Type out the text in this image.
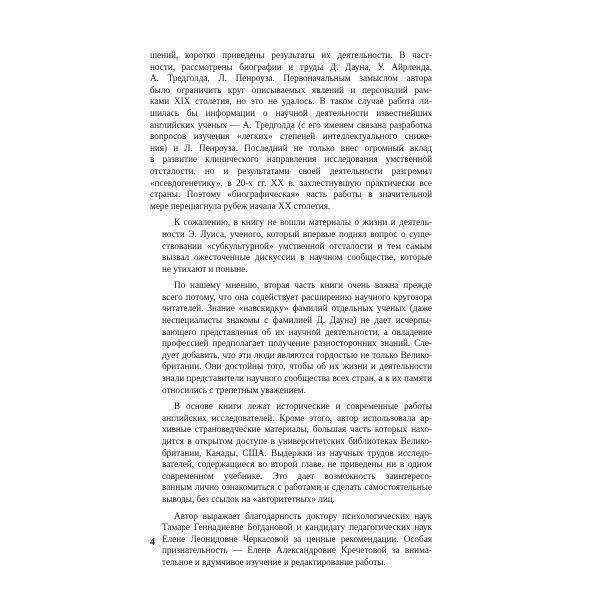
шений, коротко приведены результаты их деятельности. В част-
ности, рассмотрены биографии и труды Д. Дауна, У. Айрленда,
А. Тредголда, Л. Пенроуза. Первоначальным замыслом автора
было ограничить круг описываемых явлений и персоналий рам-
ками XIX столетия, но это не удалось. В таком случае работа ли-
шилась бы информации о научной деятельности известнейших
английских ученых — А. Тредголда (с его именем связана разработка
вопросов изучения «легких» степеней интеллектуального сниже-
ния) и Л. Пенроуза. Последний не только внес огромный вклад
в развитие клинического направления исследования умственной
отсталости, но и результатами своей деятельности разгромил
«псевдогенетику», в 20-х гг. XX в. захлестнувшую практически все
страны. Поэтому «биографическая» часть работы в значительной
мере перешагнула рубеж начала XX столетия.
К сожалению, в книгу не вошли материалы о жизни и деятель-
ности Э. Луиса, ученого, который впервые поднял вопрос о суще-
ствовании «субкультурной» умственной отсталости и тем самым
вызвал ожесточенные дискуссии в научном сообществе, которые
не утихают и поныне.
По нашему мнению, вторая часть книги очень важна прежде
всего потому, что она содействует расширению научного кругозора
читателей. Знание «навскидку» фамилий отдельных ученых (даже
неспециалисты знакомы с фамилией Д. Дауна) не дает исчерпы-
вающего представления об их научной деятельности, а овладение
профессией предполагает получение разносторонних знаний. Сле-
дует добавить, что эти люди являются гордостью не только Велико-
британии. Они достойны того, чтобы об их жизни и деятельности
знали представители научного сообщества всех стран, а к их памяти
относились с трепетным уважением.
В основе книги лежат исторические и современные работы
английских исследователей. Кроме этого, автор использовала ар-
хивные страноведческие материалы, большая часть которых нахо-
дится в открытом доступе в университетских библиотеках Велико-
британии, Канады, США. Выдержки из научных трудов исследо-
вателей, содержащиеся во второй главе, не приведены ни в одном
современном учебнике. Это дает возможность заинтересо-
ванным лично ознакомиться с работами и сделать самостоятельные
выводы, без ссылок на «авторитетных» лиц.
Автор выражает благодарность доктору психологических наук
Тамаре Геннадиевне Богдановой и кандидату педагогических наук
Елене Леонидовне Черкасовой за ценные рекомендации. Особая
признательность — Елене Александровне Кречетовой за внима-
тельное и вдумчивое изучение и редактирование работы.
4
